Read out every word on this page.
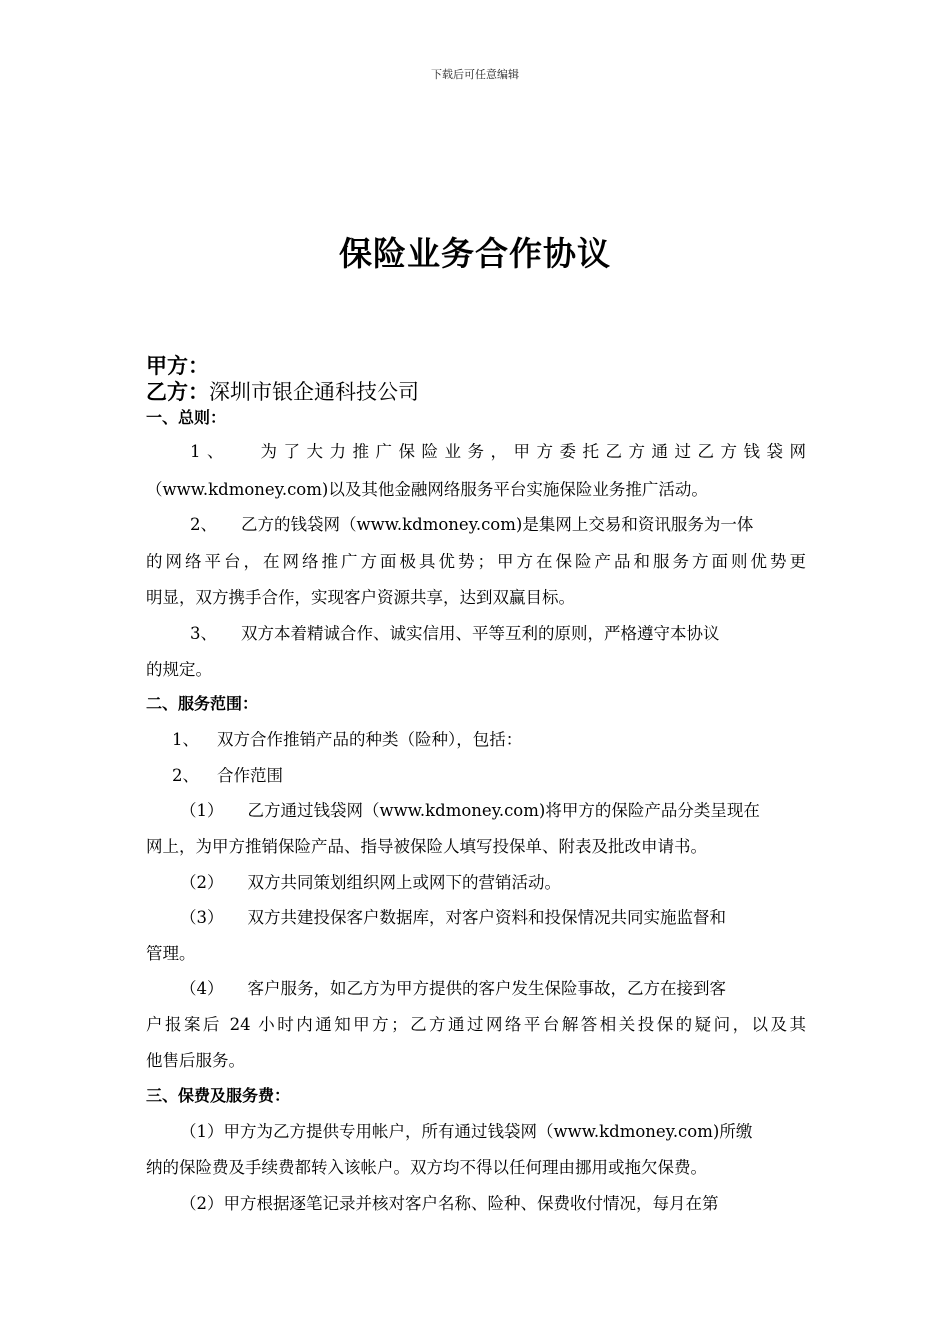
下载后可任意编辑
保险业务合作协议
甲方：
乙方：深圳市银企通科技公司
一、总则：
1、 为了大力推广保险业务，甲方委托乙方通过乙方钱袋网
（www.kdmoney.com)以及其他金融网络服务平台实施保险业务推广活动。
2、 乙方的钱袋网（www.kdmoney.com)是集网上交易和资讯服务为一体
的网络平台，在网络推广方面极具优势；甲方在保险产品和服务方面则优势更
明显，双方携手合作，实现客户资源共享，达到双赢目标。
3、 双方本着精诚合作、诚实信用、平等互利的原则，严格遵守本协议
的规定。
二、服务范围：
1、 双方合作推销产品的种类（险种），包括：
2、 合作范围
（1） 乙方通过钱袋网（www.kdmoney.com)将甲方的保险产品分类呈现在
网上，为甲方推销保险产品、指导被保险人填写投保单、附表及批改申请书。
（2） 双方共同策划组织网上或网下的营销活动。
（3） 双方共建投保客户数据库，对客户资料和投保情况共同实施监督和
管理。
（4） 客户服务，如乙方为甲方提供的客户发生保险事故，乙方在接到客
户报案后 24 小时内通知甲方；乙方通过网络平台解答相关投保的疑问，以及其
他售后服务。
三、保费及服务费：
（1）甲方为乙方提供专用帐户，所有通过钱袋网（www.kdmoney.com)所缴
纳的保险费及手续费都转入该帐户。双方均不得以任何理由挪用或拖欠保费。
（2）甲方根据逐笔记录并核对客户名称、险种、保费收付情况，每月在第
